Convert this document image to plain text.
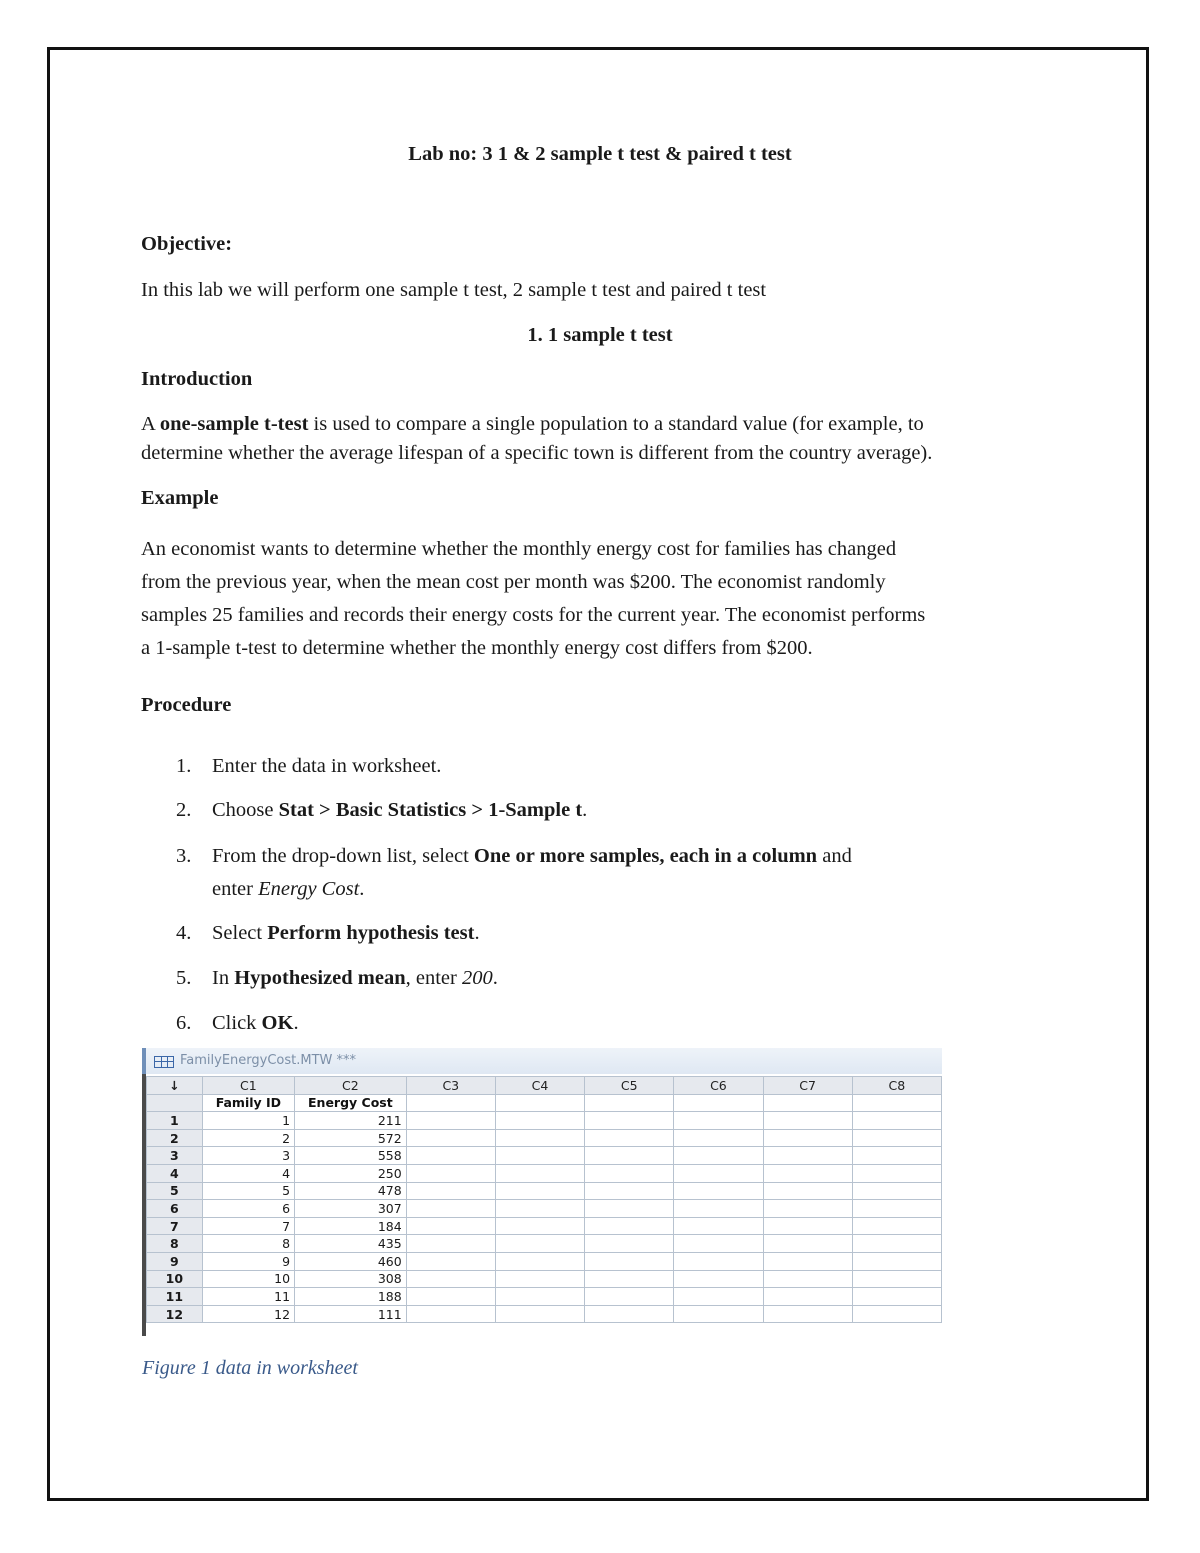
Lab no: 3 1 & 2 sample t test & paired t test
Objective:
In this lab we will perform one sample t test, 2 sample t test and paired t test
1. 1 sample t test
Introduction
A one-sample t-test is used to compare a single population to a standard value (for example, to
determine whether the average lifespan of a specific town is different from the country average).
Example
An economist wants to determine whether the monthly energy cost for families has changed
from the previous year, when the mean cost per month was $200. The economist randomly
samples 25 families and records their energy costs for the current year. The economist performs
a 1-sample t-test to determine whether the monthly energy cost differs from $200.
Procedure
1. Enter the data in worksheet.
2. Choose Stat > Basic Statistics > 1-Sample t.
3. From the drop-down list, select One or more samples, each in a column and
enter Energy Cost.
4. Select Perform hypothesis test.
5. In Hypothesized mean, enter 200.
6. Click OK.
FamilyEnergyCost.MTW ***
↓	C1	C2	C3	C4	C5	C6	C7	C8
	Family ID	Energy Cost						
1	1	211						
2	2	572						
3	3	558						
4	4	250						
5	5	478						
6	6	307						
7	7	184						
8	8	435						
9	9	460						
10	10	308						
11	11	188						
12	12	111						
Figure 1 data in worksheet
